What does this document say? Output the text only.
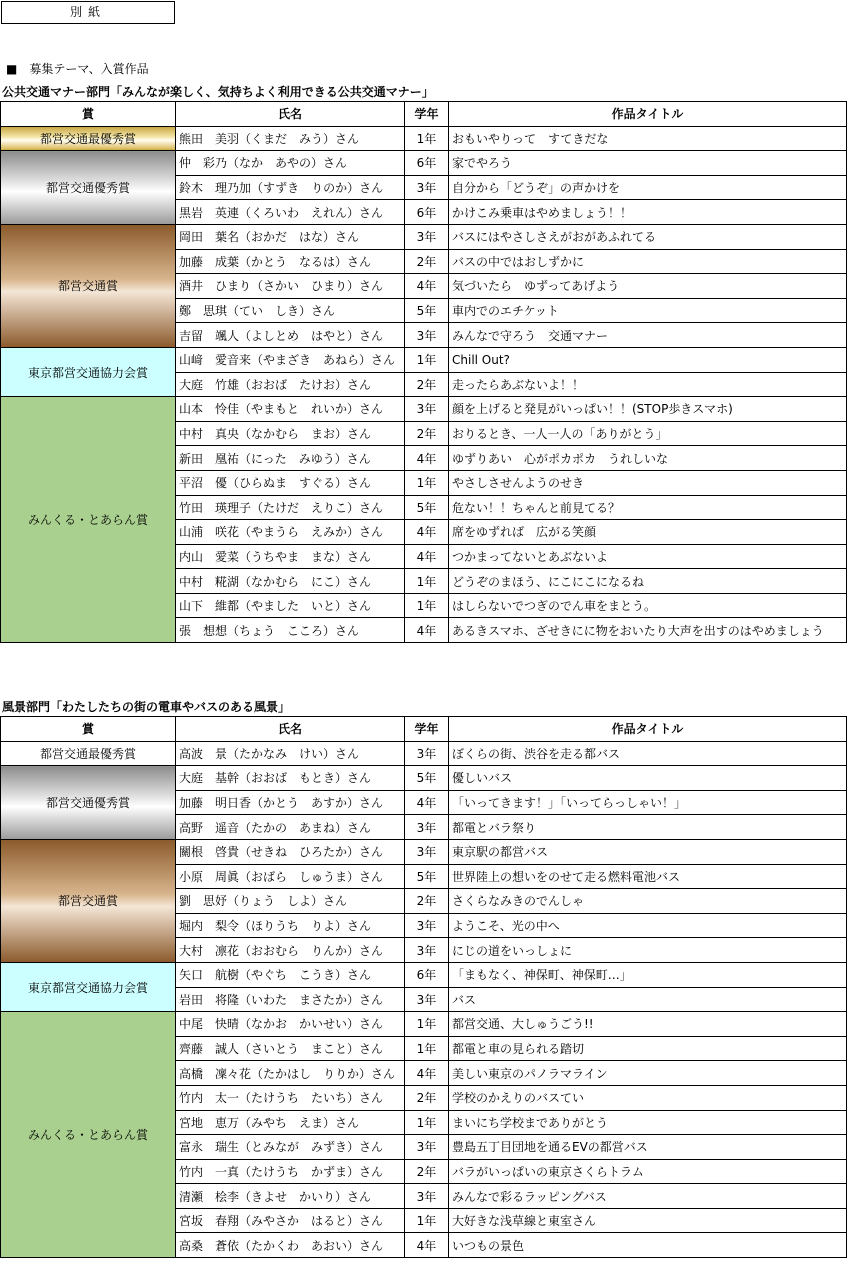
別紙
■　募集テーマ、入賞作品
公共交通マナー部門「みんなが楽しく、気持ちよく利用できる公共交通マナー」
賞	氏名	学年	作品タイトル
都営交通最優秀賞	熊田　美羽（くまだ　みう）さん	1年	おもいやりって　すてきだな
都営交通優秀賞	仲　彩乃（なか　あやの）さん	6年	家でやろう
	鈴木　理乃加（すずき　りのか）さん	3年	自分から「どうぞ」の声かけを
	黒岩　英連（くろいわ　えれん）さん	6年	かけこみ乗車はやめましょう！！
都営交通賞	岡田　葉名（おかだ　はな）さん	3年	バスにはやさしさえがおがあふれてる
	加藤　成葉（かとう　なるは）さん	2年	バスの中ではおしずかに
	酒井　ひまり（さかい　ひまり）さん	4年	気づいたら　ゆずってあげよう
	鄭　思琪（てい　しき）さん	5年	車内でのエチケット
	吉留　颯人（よしとめ　はやと）さん	3年	みんなで守ろう　交通マナー
東京都営交通協力会賞	山﨑　愛音来（やまざき　あねら）さん	1年	Chill Out?
	大庭　竹雄（おおば　たけお）さん	2年	走ったらあぶないよ！！
みんくる・とあらん賞	山本　怜佳（やまもと　れいか）さん	3年	顔を上げると発見がいっぱい！！(STOP歩きスマホ)
	中村　真央（なかむら　まお）さん	2年	おりるとき、一人一人の「ありがとう」
	新田　凰祐（にった　みゆう）さん	4年	ゆずりあい　心がポカポカ　うれしいな
	平沼　優（ひらぬま　すぐる）さん	1年	やさしさせんようのせき
	竹田　瑛理子（たけだ　えりこ）さん	5年	危ない！！ちゃんと前見てる？
	山浦　咲花（やまうら　えみか）さん	4年	席をゆずれば　広がる笑顔
	内山　愛菜（うちやま　まな）さん	4年	つかまってないとあぶないよ
	中村　糀湖（なかむら　にこ）さん	1年	どうぞのまほう、にこにこになるね
	山下　維都（やました　いと）さん	1年	はしらないでつぎのでん車をまとう。
	張　想想（ちょう　こころ）さん	4年	あるきスマホ、ざせきにに物をおいたり大声を出すのはやめましょう
風景部門「わたしたちの街の電車やバスのある風景」
賞	氏名	学年	作品タイトル
都営交通最優秀賞	高波　景（たかなみ　けい）さん	3年	ぼくらの街、渋谷を走る都バス
都営交通優秀賞	大庭　基幹（おおば　もとき）さん	5年	優しいバス
	加藤　明日香（かとう　あすか）さん	4年	「いってきます！」「いってらっしゃい！」
	高野　遥音（たかの　あまね）さん	3年	都電とバラ祭り
都営交通賞	關根　啓貴（せきね　ひろたか）さん	3年	東京駅の都営バス
	小原　周眞（おばら　しゅうま）さん	5年	世界陸上の想いをのせて走る燃料電池バス
	劉　思妤（りょう　しよ）さん	2年	さくらなみきのでんしゃ
	堀内　梨令（ほりうち　りよ）さん	3年	ようこそ、光の中へ
	大村　凛花（おおむら　りんか）さん	3年	にじの道をいっしょに
東京都営交通協力会賞	矢口　航樹（やぐち　こうき）さん	6年	「まもなく、神保町、神保町…」
	岩田　将隆（いわた　まさたか）さん	3年	バス
みんくる・とあらん賞	中尾　快晴（なかお　かいせい）さん	1年	都営交通、大しゅうごう!!
	齊藤　誠人（さいとう　まこと）さん	1年	都電と車の見られる踏切
	高橋　凜々花（たかはし　りりか）さん	4年	美しい東京のパノラマライン
	竹内　太一（たけうち　たいち）さん	2年	学校のかえりのバスてい
	宮地　恵万（みやち　えま）さん	1年	まいにち学校までありがとう
	富永　瑞生（とみなが　みずき）さん	3年	豊島五丁目団地を通るEVの都営バス
	竹内　一真（たけうち　かずま）さん	2年	バラがいっぱいの東京さくらトラム
	清瀬　桧李（きよせ　かいり）さん	3年	みんなで彩るラッピングバス
	宮坂　春翔（みやさか　はると）さん	1年	大好きな浅草線と東室さん
	高桑　蒼依（たかくわ　あおい）さん	4年	いつもの景色
